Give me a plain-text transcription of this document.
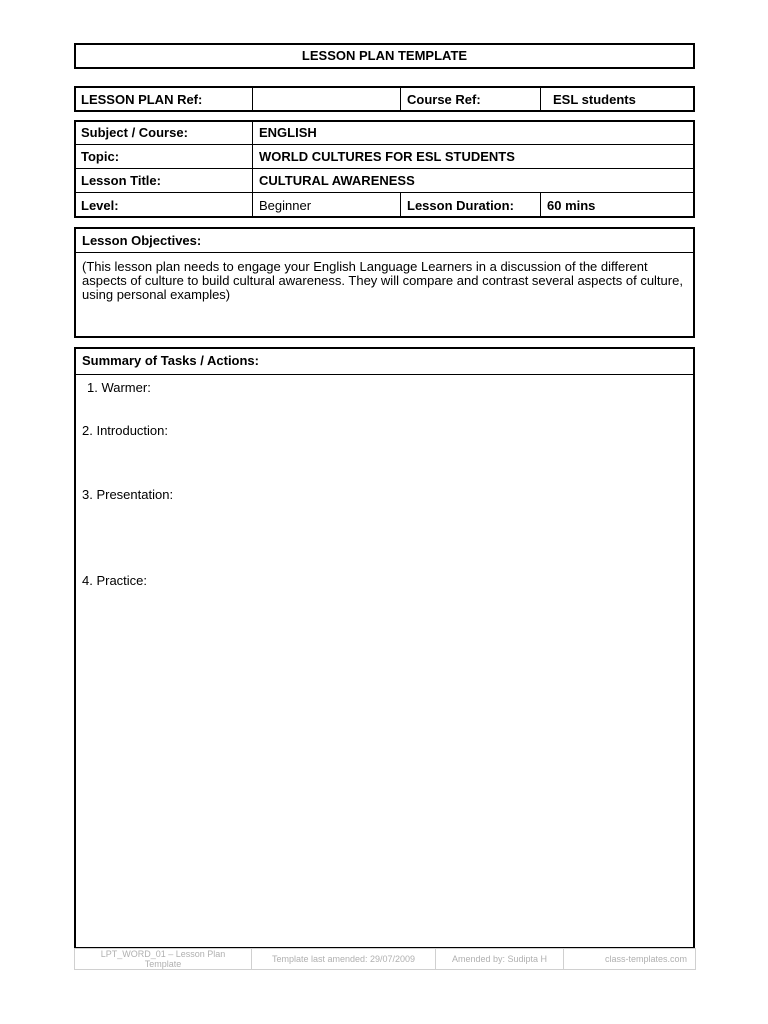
LESSON PLAN TEMPLATE
LESSON PLAN Ref:		Course Ref:	ESL students
Subject / Course:	ENGLISH		
Topic:	WORLD CULTURES FOR ESL STUDENTS		
Lesson Title:	CULTURAL AWARENESS		
Level:	Beginner	Lesson Duration:	60 mins
Lesson Objectives:
(This lesson plan needs to engage your English Language Learners in a discussion of the different
aspects of culture to build cultural awareness. They will compare and contrast several aspects of culture,
using personal examples)
Summary of Tasks / Actions:
1. Warmer:
2. Introduction:
3. Presentation:
4. Practice:
LPT_WORD_01 – Lesson Plan
Template	Template last amended: 29/07/2009	Amended by: Sudipta H	class-templates.com
